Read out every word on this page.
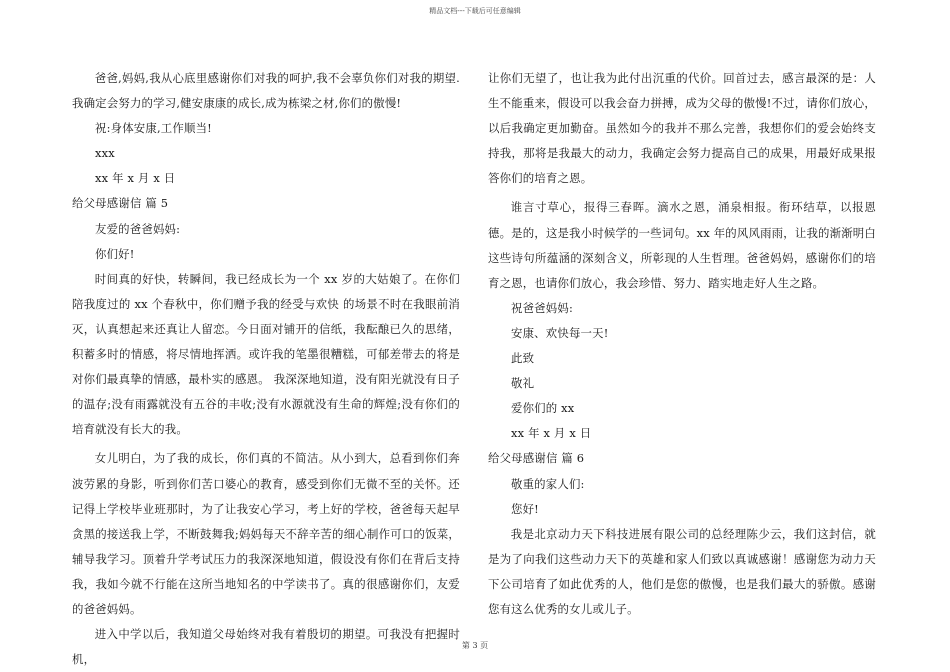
精品文档---下载后可任意编辑

爸爸,妈妈,我从心底里感谢你们对我的呵护,我不会辜负你们对我的期望.我确定会努力的学习,健安康康的成长,成为栋梁之材,你们的傲慢!

祝:身体安康,工作顺当!

xxx

xx 年 x 月 x 日

给父母感谢信 篇 5

友爱的爸爸妈妈:

你们好!

时间真的好快，转瞬间，我已经成长为一个 xx 岁的大姑娘了。在你们陪我度过的 xx 个春秋中，你们赠予我的经受与欢快 的场景不时在我眼前消灭，认真想起来还真让人留恋。今日面对铺开的信纸，我酝酿已久的思绪，积蓄多时的情感，将尽情地挥洒。或许我的笔墨很糟糕，可郁差带去的将是对你们最真挚的情感，最朴实的感恩。 我深深地知道，没有阳光就没有日子的温存;没有雨露就没有五谷的丰收;没有水源就没有生命的辉煌;没有你们的培育就没有长大的我。

女儿明白，为了我的成长，你们真的不简洁。从小到大，总看到你们奔波劳累的身影，听到你们苦口婆心的教育，感受到你们无微不至的关怀。还记得上学校毕业班那时，为了让我安心学习，考上好的学校，爸爸每天起早贪黑的接送我上学，不断鼓舞我;妈妈每天不辞辛苦的细心制作可口的饭菜，辅导我学习。顶着升学考试压力的我深深地知道，假设没有你们在背后支持我，我如今就不行能在这所当地知名的中学读书了。真的很感谢你们，友爱的爸爸妈妈。

进入中学以后，我知道父母始终对我有着殷切的期望。可我没有把握时机，

让你们无望了，也让我为此付出沉重的代价。回首过去，感言最深的是：人生不能重来，假设可以我会奋力拼搏，成为父母的傲慢!不过，请你们放心，以后我确定更加勤奋。虽然如今的我并不那么完善，我想你们的爱会始终支持我，那将是我最大的动力，我确定会努力提高自己的成果，用最好成果报答你们的培育之恩。

谁言寸草心，报得三春晖。滴水之恩，涌泉相报。衔环结草，以报恩德。是的，这是我小时候学的一些词句。xx 年的风风雨雨，让我的渐渐明白这些诗句所蕴涵的深刻含义，所彰现的人生哲理。爸爸妈妈，感谢你们的培育之恩，也请你们放心，我会珍惜、努力、踏实地走好人生之路。

祝爸爸妈妈:

安康、欢快每一天!

此致

敬礼

爱你们的 xx

xx 年 x 月 x 日

给父母感谢信 篇 6

敬重的家人们:

您好!

我是北京动力天下科技进展有限公司的总经理陈少云，我们这封信，就是为了向我们这些动力天下的英雄和家人们致以真诚感谢！感谢您为动力天下公司培育了如此优秀的人，他们是您的傲慢，也是我们最大的骄傲。感谢您有这么优秀的女儿或儿子。

第 3 页
